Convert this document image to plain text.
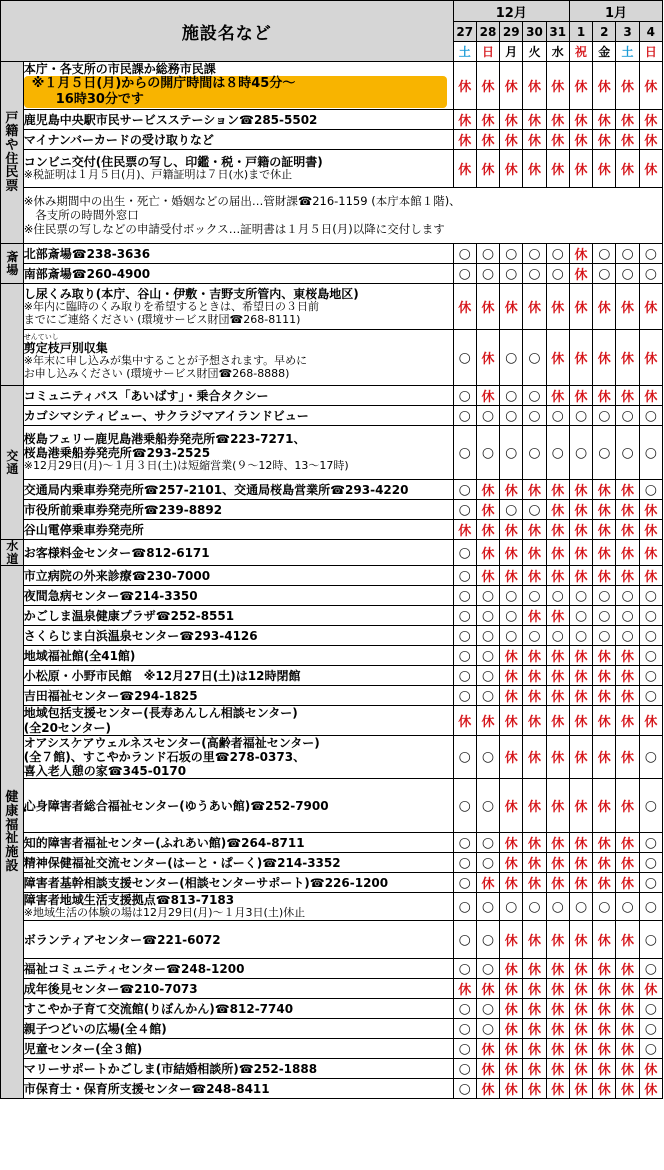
施設名など		12月					1月			
		27	28	29	30	31	1	2	3	4
		土	日	月	火	水	祝	金	土	日

戸籍や住民票	本庁・各支所の市民課か総務市民課
※１月５日(月)からの開庁時間は８時45分～
16時30分です	休	休	休	休	休	休	休	休	休

	鹿児島中央駅市民サービスステーション☎285-5502	休	休	休	休	休	休	休	休	休

	マイナンバーカードの受け取りなど	休	休	休	休	休	休	休	休	休

	コンビニ交付(住民票の写し、印鑑・税・戸籍の証明書)
※税証明は１月５日(月)、戸籍証明は７日(水)まで休止	休	休	休	休	休	休	休	休	休

	※休み期間中の出生・死亡・婚姻などの届出…管財課☎216-1159 (本庁本館１階)、
　各支所の時間外窓口
※住民票の写しなどの申請受付ボックス…証明書は１月５日(月)以降に交付します									

斎場	北部斎場☎238-3636	○	○	○	○	○	休	○	○	○

	南部斎場☎260-4900	○	○	○	○	○	休	○	○	○

	し尿くみ取り(本庁、谷山・伊敷・吉野支所管内、東桜島地区)
※年内に臨時のくみ取りを希望するときは、希望日の３日前
までにご連絡ください (環境サービス財団☎268-8111)	休	休	休	休	休	休	休	休	休

	せんていし
剪定枝戸別収集
※年末に申し込みが集中することが予想されます。早めに
お申し込みください (環境サービス財団☎268-8888)	○	休	○	○	休	休	休	休	休

交通	コミュニティバス「あいばす」・乗合タクシー	○	休	○	○	休	休	休	休	休

	カゴシマシティビュー、サクラジマアイランドビュー	○	○	○	○	○	○	○	○	○

	桜島フェリー鹿児島港乗船券発売所☎223-7271、
桜島港乗船券発売所☎293-2525
※12月29日(月)～１月３日(土)は短縮営業(９～12時、13～17時)	○	○	○	○	○	○	○	○	○

	交通局内乗車券発売所☎257-2101、交通局桜島営業所☎293-4220	○	休	休	休	休	休	休	休	○

	市役所前乗車券発売所☎239-8892	○	休	○	○	休	休	休	休	休

	谷山電停乗車券発売所	休	休	休	休	休	休	休	休	休

水道	お客様料金センター☎812-6171	○	休	休	休	休	休	休	休	休

健康・福祉施設	市立病院の外来診療☎230-7000	○	休	休	休	休	休	休	休	休

	夜間急病センター☎214-3350	○	○	○	○	○	○	○	○	○

	かごしま温泉健康プラザ☎252-8551	○	○	○	休	休	○	○	○	○

	さくらじま白浜温泉センター☎293-4126	○	○	○	○	○	○	○	○	○

	地域福祉館(全41館)	○	○	休	休	休	休	休	休	○

	小松原・小野市民館　※12月27日(土)は12時閉館	○	○	休	休	休	休	休	休	○

	吉田福祉センター☎294-1825	○	○	休	休	休	休	休	休	○

	地域包括支援センター(長寿あんしん相談センター)
(全20センター)	休	休	休	休	休	休	休	休	休

	オアシスケアウェルネスセンター(高齢者福祉センター)
(全７館)、すこやかランド石坂の里☎278-0373、
喜入老人憩の家☎345-0170	○	○	休	休	休	休	休	休	○

	心身障害者総合福祉センター(ゆうあい館)☎252-7900	○	○	休	休	休	休	休	休	○

	知的障害者福祉センター(ふれあい館)☎264-8711	○	○	休	休	休	休	休	休	○

	精神保健福祉交流センター(はーと・ぱーく)☎214-3352	○	○	休	休	休	休	休	休	○

	障害者基幹相談支援センター(相談センターサポート)☎226-1200	○	休	休	休	休	休	休	休	○

	障害者地域生活支援拠点☎813-7183
※地域生活の体験の場は12月29日(月)～１月3日(土)休止	○	○	○	○	○	○	○	○	○

	ボランティアセンター☎221-6072	○	○	休	休	休	休	休	休	○

	福祉コミュニティセンター☎248-1200	○	○	休	休	休	休	休	休	○

	成年後見センター☎210-7073	休	休	休	休	休	休	休	休	休

	すこやか子育て交流館(りぼんかん)☎812-7740	○	○	休	休	休	休	休	休	○

	親子つどいの広場(全４館)	○	○	休	休	休	休	休	休	○

	児童センター(全３館)	○	休	休	休	休	休	休	休	○

	マリーサポートかごしま(市結婚相談所)☎252-1888	○	休	休	休	休	休	休	休	休

	市保育士・保育所支援センター☎248-8411	○	休	休	休	休	休	休	休	休
